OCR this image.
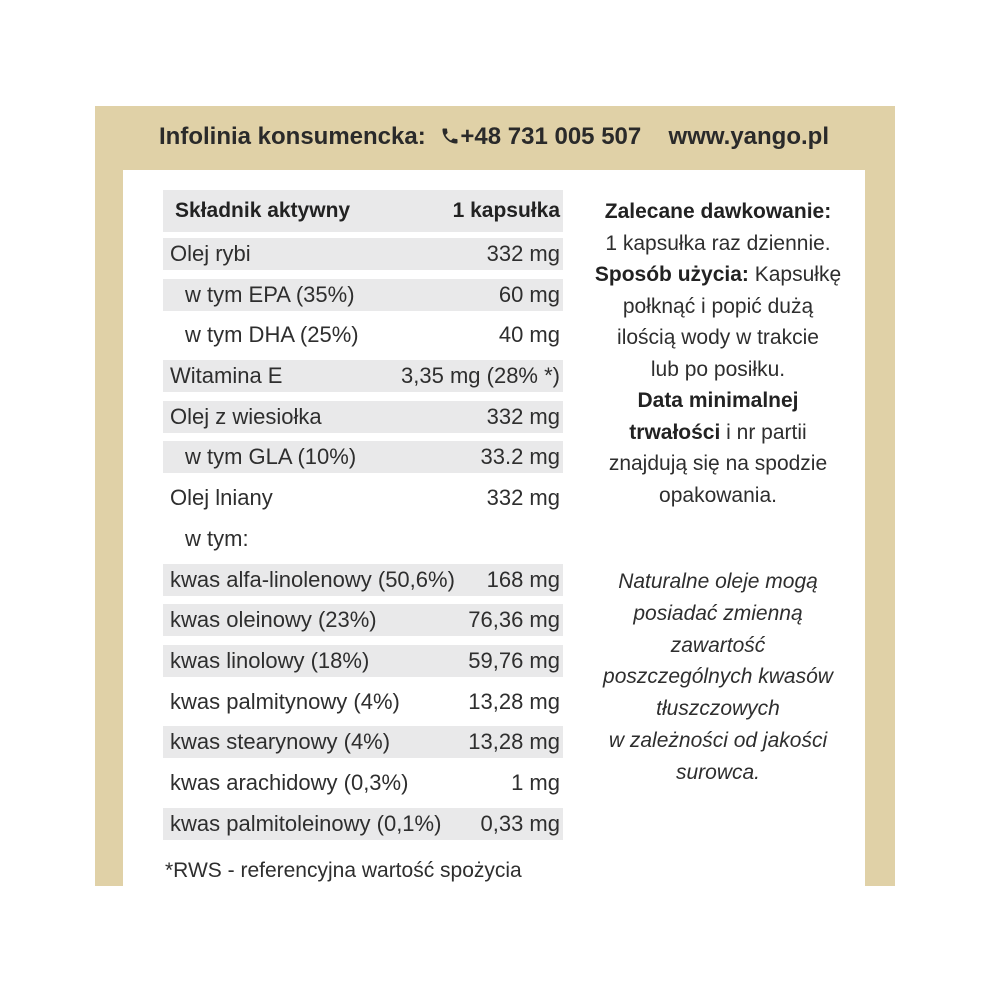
Infolinia konsumencka: +48 731 005 507 www.yango.pl
Składnik aktywny	1 kapsułka
Olej rybi	332 mg
w tym EPA (35%)	60 mg
w tym DHA (25%)	40 mg
Witamina E	3,35 mg (28% *)
Olej z wiesiołka	332 mg
w tym GLA (10%)	33.2 mg
Olej lniany	332 mg
w tym:
kwas alfa-linolenowy (50,6%) 168 mg
kwas oleinowy (23%)	76,36 mg
kwas linolowy (18%)	59,76 mg
kwas palmitynowy (4%)	13,28 mg
kwas stearynowy (4%)	13,28 mg
kwas arachidowy (0,3%)	1 mg
kwas palmitoleinowy (0,1%) 0,33 mg
*RWS - referencyjna wartość spożycia
Zalecane dawkowanie:
1 kapsułka raz dziennie.
Sposób użycia: Kapsułkę
połknąć i popić dużą
ilością wody w trakcie
lub po posiłku.
Data minimalnej
trwałości i nr partii
znajdują się na spodzie
opakowania.
Naturalne oleje mogą
posiadać zmienną
zawartość
poszczególnych kwasów
tłuszczowych
w zależności od jakości
surowca.
